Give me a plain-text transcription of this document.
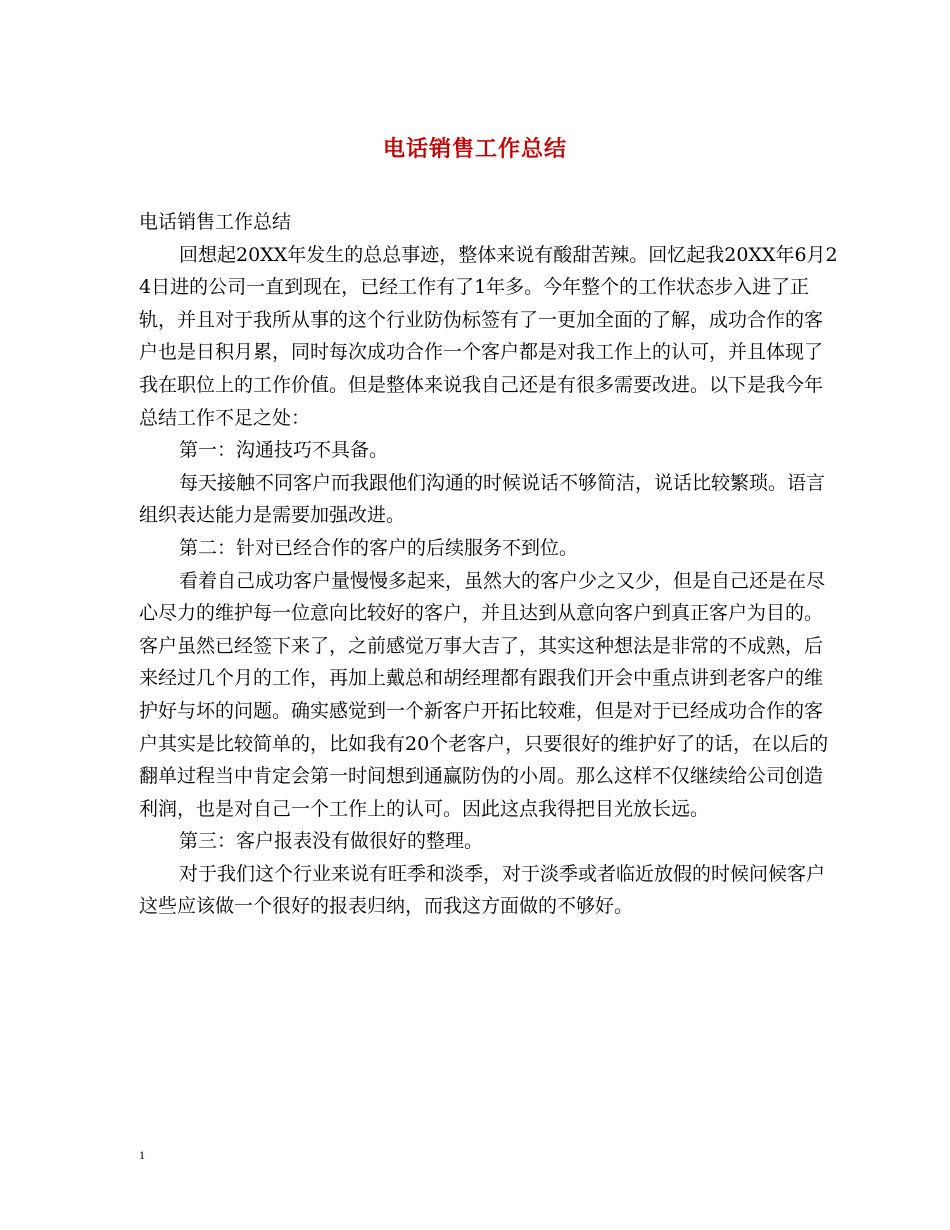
电话销售工作总结

电话销售工作总结

回想起20XX年发生的总总事迹，整体来说有酸甜苦辣。回忆起我20XX年6月24日进的公司一直到现在，已经工作有了1年多。今年整个的工作状态步入进了正轨，并且对于我所从事的这个行业防伪标签有了一更加全面的了解，成功合作的客户也是日积月累，同时每次成功合作一个客户都是对我工作上的认可，并且体现了我在职位上的工作价值。但是整体来说我自己还是有很多需要改进。以下是我今年总结工作不足之处：

第一：沟通技巧不具备。

每天接触不同客户而我跟他们沟通的时候说话不够简洁，说话比较繁琐。语言组织表达能力是需要加强改进。

第二：针对已经合作的客户的后续服务不到位。

看着自己成功客户量慢慢多起来，虽然大的客户少之又少，但是自己还是在尽心尽力的维护每一位意向比较好的客户，并且达到从意向客户到真正客户为目的。客户虽然已经签下来了，之前感觉万事大吉了，其实这种想法是非常的不成熟，后来经过几个月的工作，再加上戴总和胡经理都有跟我们开会中重点讲到老客户的维护好与坏的问题。确实感觉到一个新客户开拓比较难，但是对于已经成功合作的客户其实是比较简单的，比如我有20个老客户，只要很好的维护好了的话，在以后的翻单过程当中肯定会第一时间想到通赢防伪的小周。那么这样不仅继续给公司创造利润，也是对自己一个工作上的认可。因此这点我得把目光放长远。

第三：客户报表没有做很好的整理。

对于我们这个行业来说有旺季和淡季，对于淡季或者临近放假的时候问候客户这些应该做一个很好的报表归纳，而我这方面做的不够好。

1
